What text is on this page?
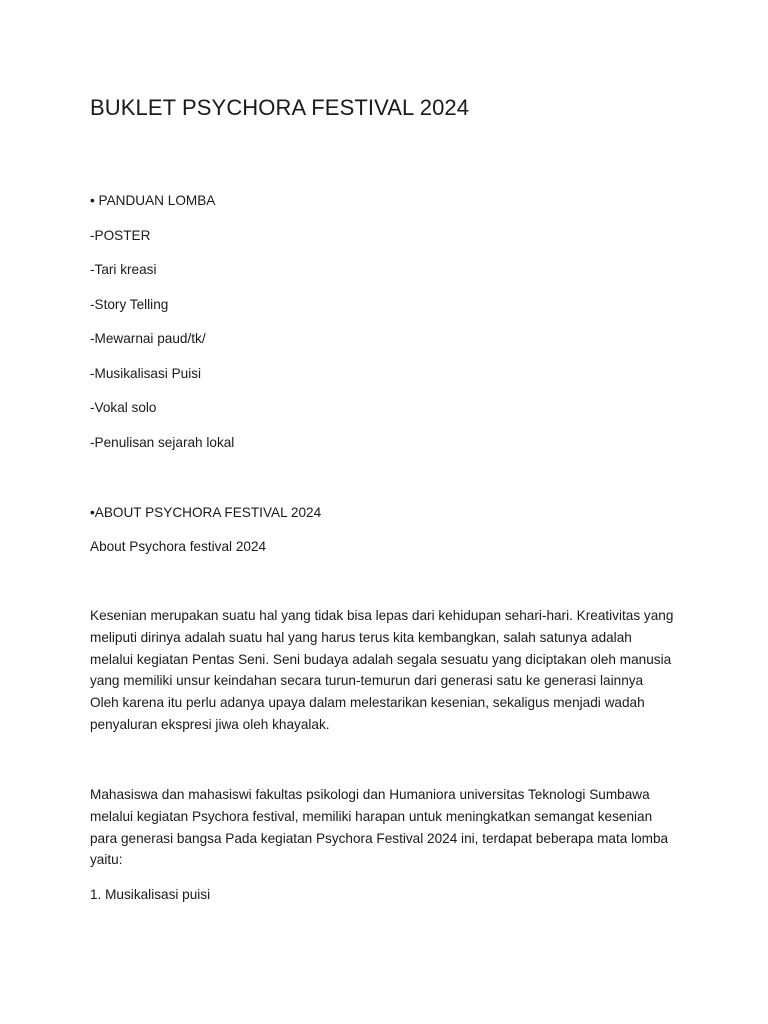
BUKLET PSYCHORA FESTIVAL 2024

• PANDUAN LOMBA

-POSTER

-Tari kreasi

-Story Telling

-Mewarnai paud/tk/

-Musikalisasi Puisi

-Vokal solo

-Penulisan sejarah lokal

•ABOUT PSYCHORA FESTIVAL 2024

About Psychora festival 2024

Kesenian merupakan suatu hal yang tidak bisa lepas dari kehidupan sehari-hari. Kreativitas yang
meliputi dirinya adalah suatu hal yang harus terus kita kembangkan, salah satunya adalah
melalui kegiatan Pentas Seni. Seni budaya adalah segala sesuatu yang diciptakan oleh manusia
yang memiliki unsur keindahan secara turun-temurun dari generasi satu ke generasi lainnya
Oleh karena itu perlu adanya upaya dalam melestarikan kesenian, sekaligus menjadi wadah
penyaluran ekspresi jiwa oleh khayalak.
Mahasiswa dan mahasiswi fakultas psikologi dan Humaniora universitas Teknologi Sumbawa
melalui kegiatan Psychora festival, memiliki harapan untuk meningkatkan semangat kesenian
para generasi bangsa Pada kegiatan Psychora Festival 2024 ini, terdapat beberapa mata lomba
yaitu:

1. Musikalisasi puisi
